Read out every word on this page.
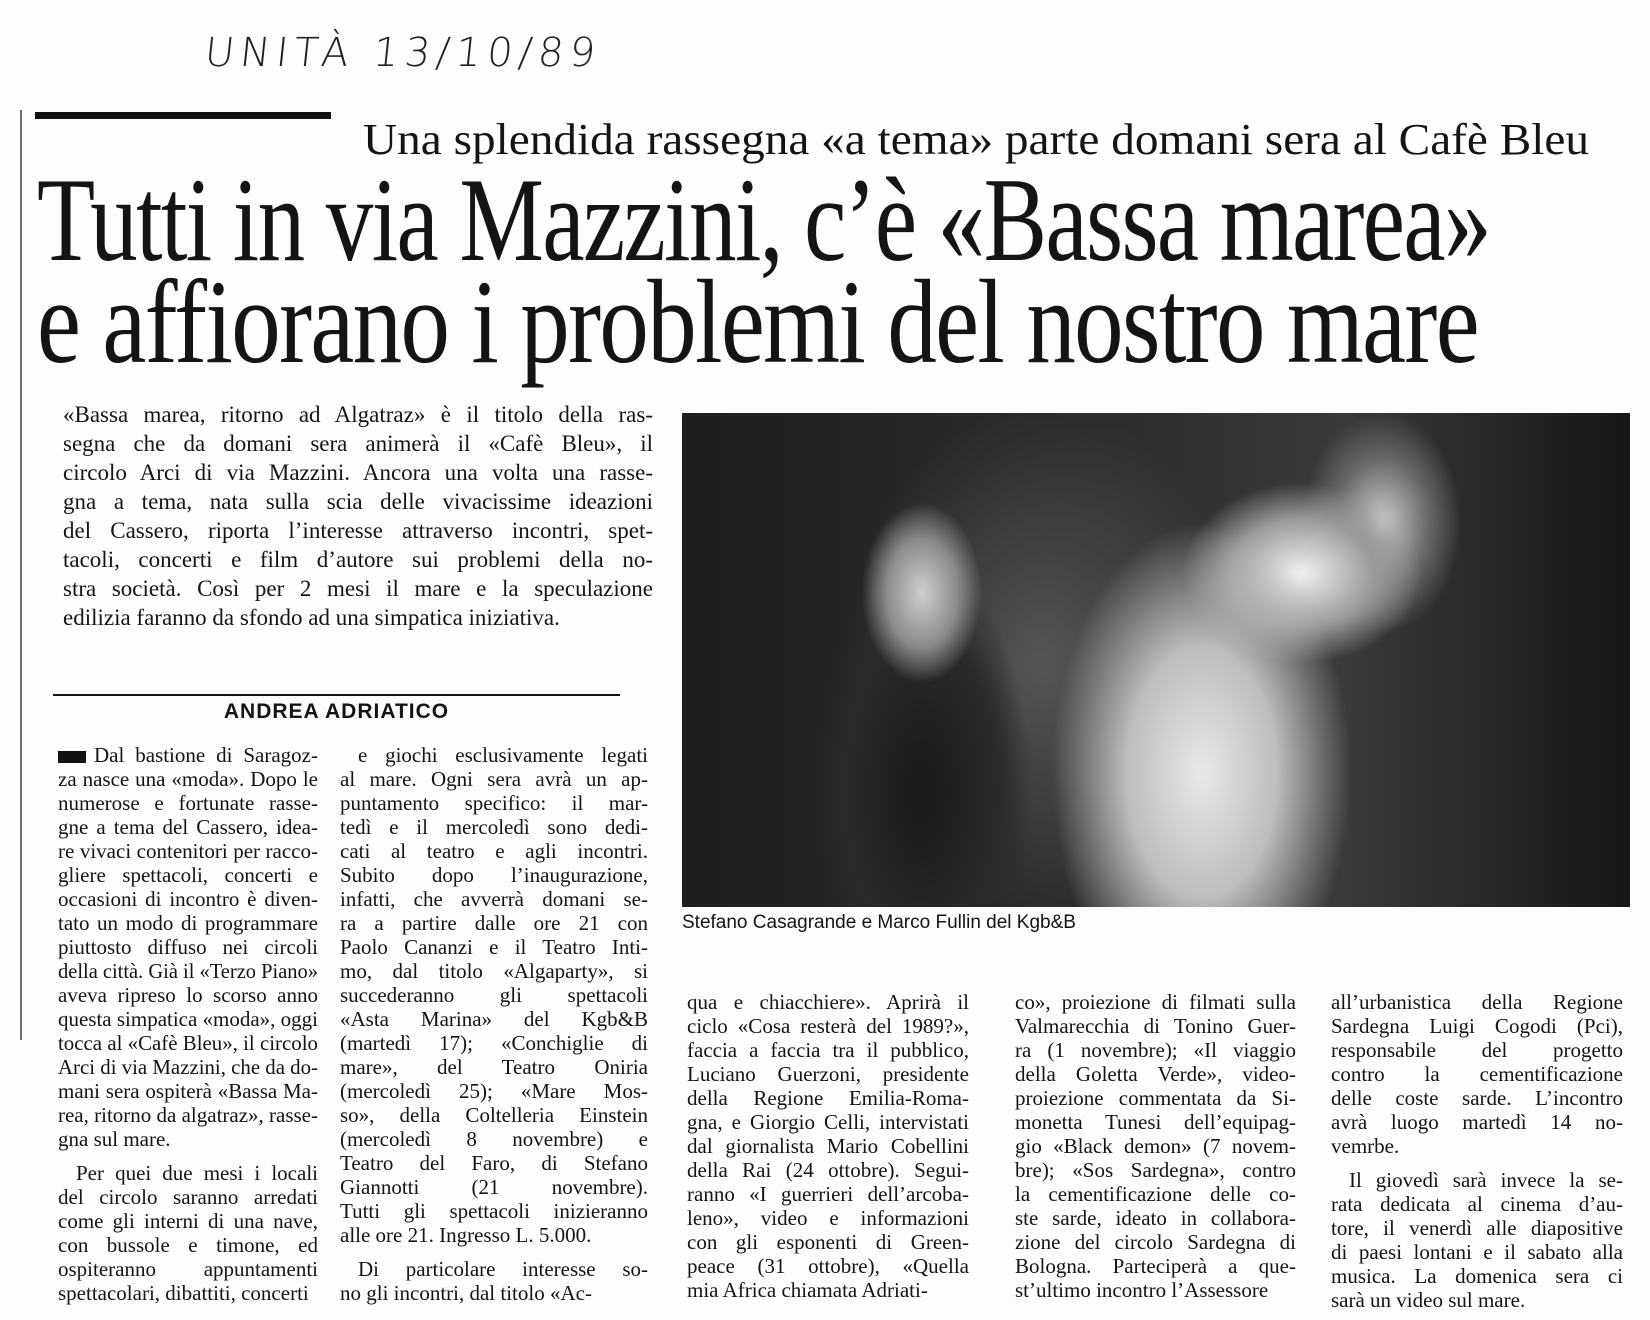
UNITÀ 13/10/89
Una splendida rassegna «a tema» parte domani sera al Cafè Bleu
Tutti in via Mazzini, c’è «Bassa marea»
e affiorano i problemi del nostro mare
«Bassa marea, ritorno ad Algatraz» è il titolo della ras-
segna che da domani sera animerà il «Cafè Bleu», il
circolo Arci di via Mazzini. Ancora una volta una rasse-
gna a tema, nata sulla scia delle vivacissime ideazioni
del Cassero, riporta l’interesse attraverso incontri, spet-
tacoli, concerti e film d’autore sui problemi della no-
stra società. Così per 2 mesi il mare e la speculazione
edilizia faranno da sfondo ad una simpatica iniziativa.
ANDREA ADRIATICO
Dal bastione di Saragoz-
za nasce una «moda». Dopo le
numerose e fortunate rasse-
gne a tema del Cassero, idea-
re vivaci contenitori per racco-
gliere spettacoli, concerti e
occasioni di incontro è diven-
tato un modo di programmare
piuttosto diffuso nei circoli
della città. Già il «Terzo Piano»
aveva ripreso lo scorso anno
questa simpatica «moda», oggi
tocca al «Cafè Bleu», il circolo
Arci di via Mazzini, che da do-
mani sera ospiterà «Bassa Ma-
rea, ritorno da algatraz», rasse-
gna sul mare.
Per quei due mesi i locali
del circolo saranno arredati
come gli interni di una nave,
con bussole e timone, ed
ospiteranno appuntamenti
spettacolari, dibattiti, concerti
e giochi esclusivamente legati
al mare. Ogni sera avrà un ap-
puntamento specifico: il mar-
tedì e il mercoledì sono dedi-
cati al teatro e agli incontri.
Subito dopo l’inaugurazione,
infatti, che avverrà domani se-
ra a partire dalle ore 21 con
Paolo Cananzi e il Teatro Inti-
mo, dal titolo «Algaparty», si
succederanno gli spettacoli
«Asta Marina» del Kgb&B
(martedì 17); «Conchiglie di
mare», del Teatro Oniria
(mercoledì 25); «Mare Mos-
so», della Coltelleria Einstein
(mercoledì 8 novembre) e
Teatro del Faro, di Stefano
Giannotti (21 novembre).
Tutti gli spettacoli inizieranno
alle ore 21. Ingresso L. 5.000.
Di particolare interesse so-
no gli incontri, dal titolo «Ac-
qua e chiacchiere». Aprirà il
ciclo «Cosa resterà del 1989?»,
faccia a faccia tra il pubblico,
Luciano Guerzoni, presidente
della Regione Emilia-Roma-
gna, e Giorgio Celli, intervistati
dal giornalista Mario Cobellini
della Rai (24 ottobre). Segui-
ranno «I guerrieri dell’arcoba-
leno», video e informazioni
con gli esponenti di Green-
peace (31 ottobre), «Quella
mia Africa chiamata Adriati-
co», proiezione di filmati sulla
Valmarecchia di Tonino Guer-
ra (1 novembre); «Il viaggio
della Goletta Verde», video-
proiezione commentata da Si-
monetta Tunesi dell’equipag-
gio «Black demon» (7 novem-
bre); «Sos Sardegna», contro
la cementificazione delle co-
ste sarde, ideato in collabora-
zione del circolo Sardegna di
Bologna. Parteciperà a que-
st’ultimo incontro l’Assessore
all’urbanistica della Regione
Sardegna Luigi Cogodi (Pci),
responsabile del progetto
contro la cementificazione
delle coste sarde. L’incontro
avrà luogo martedì 14 no-
vemrbe.
Il giovedì sarà invece la se-
rata dedicata al cinema d’au-
tore, il venerdì alle diapositive
di paesi lontani e il sabato alla
musica. La domenica sera ci
sarà un video sul mare.
Stefano Casagrande e Marco Fullin del Kgb&B
